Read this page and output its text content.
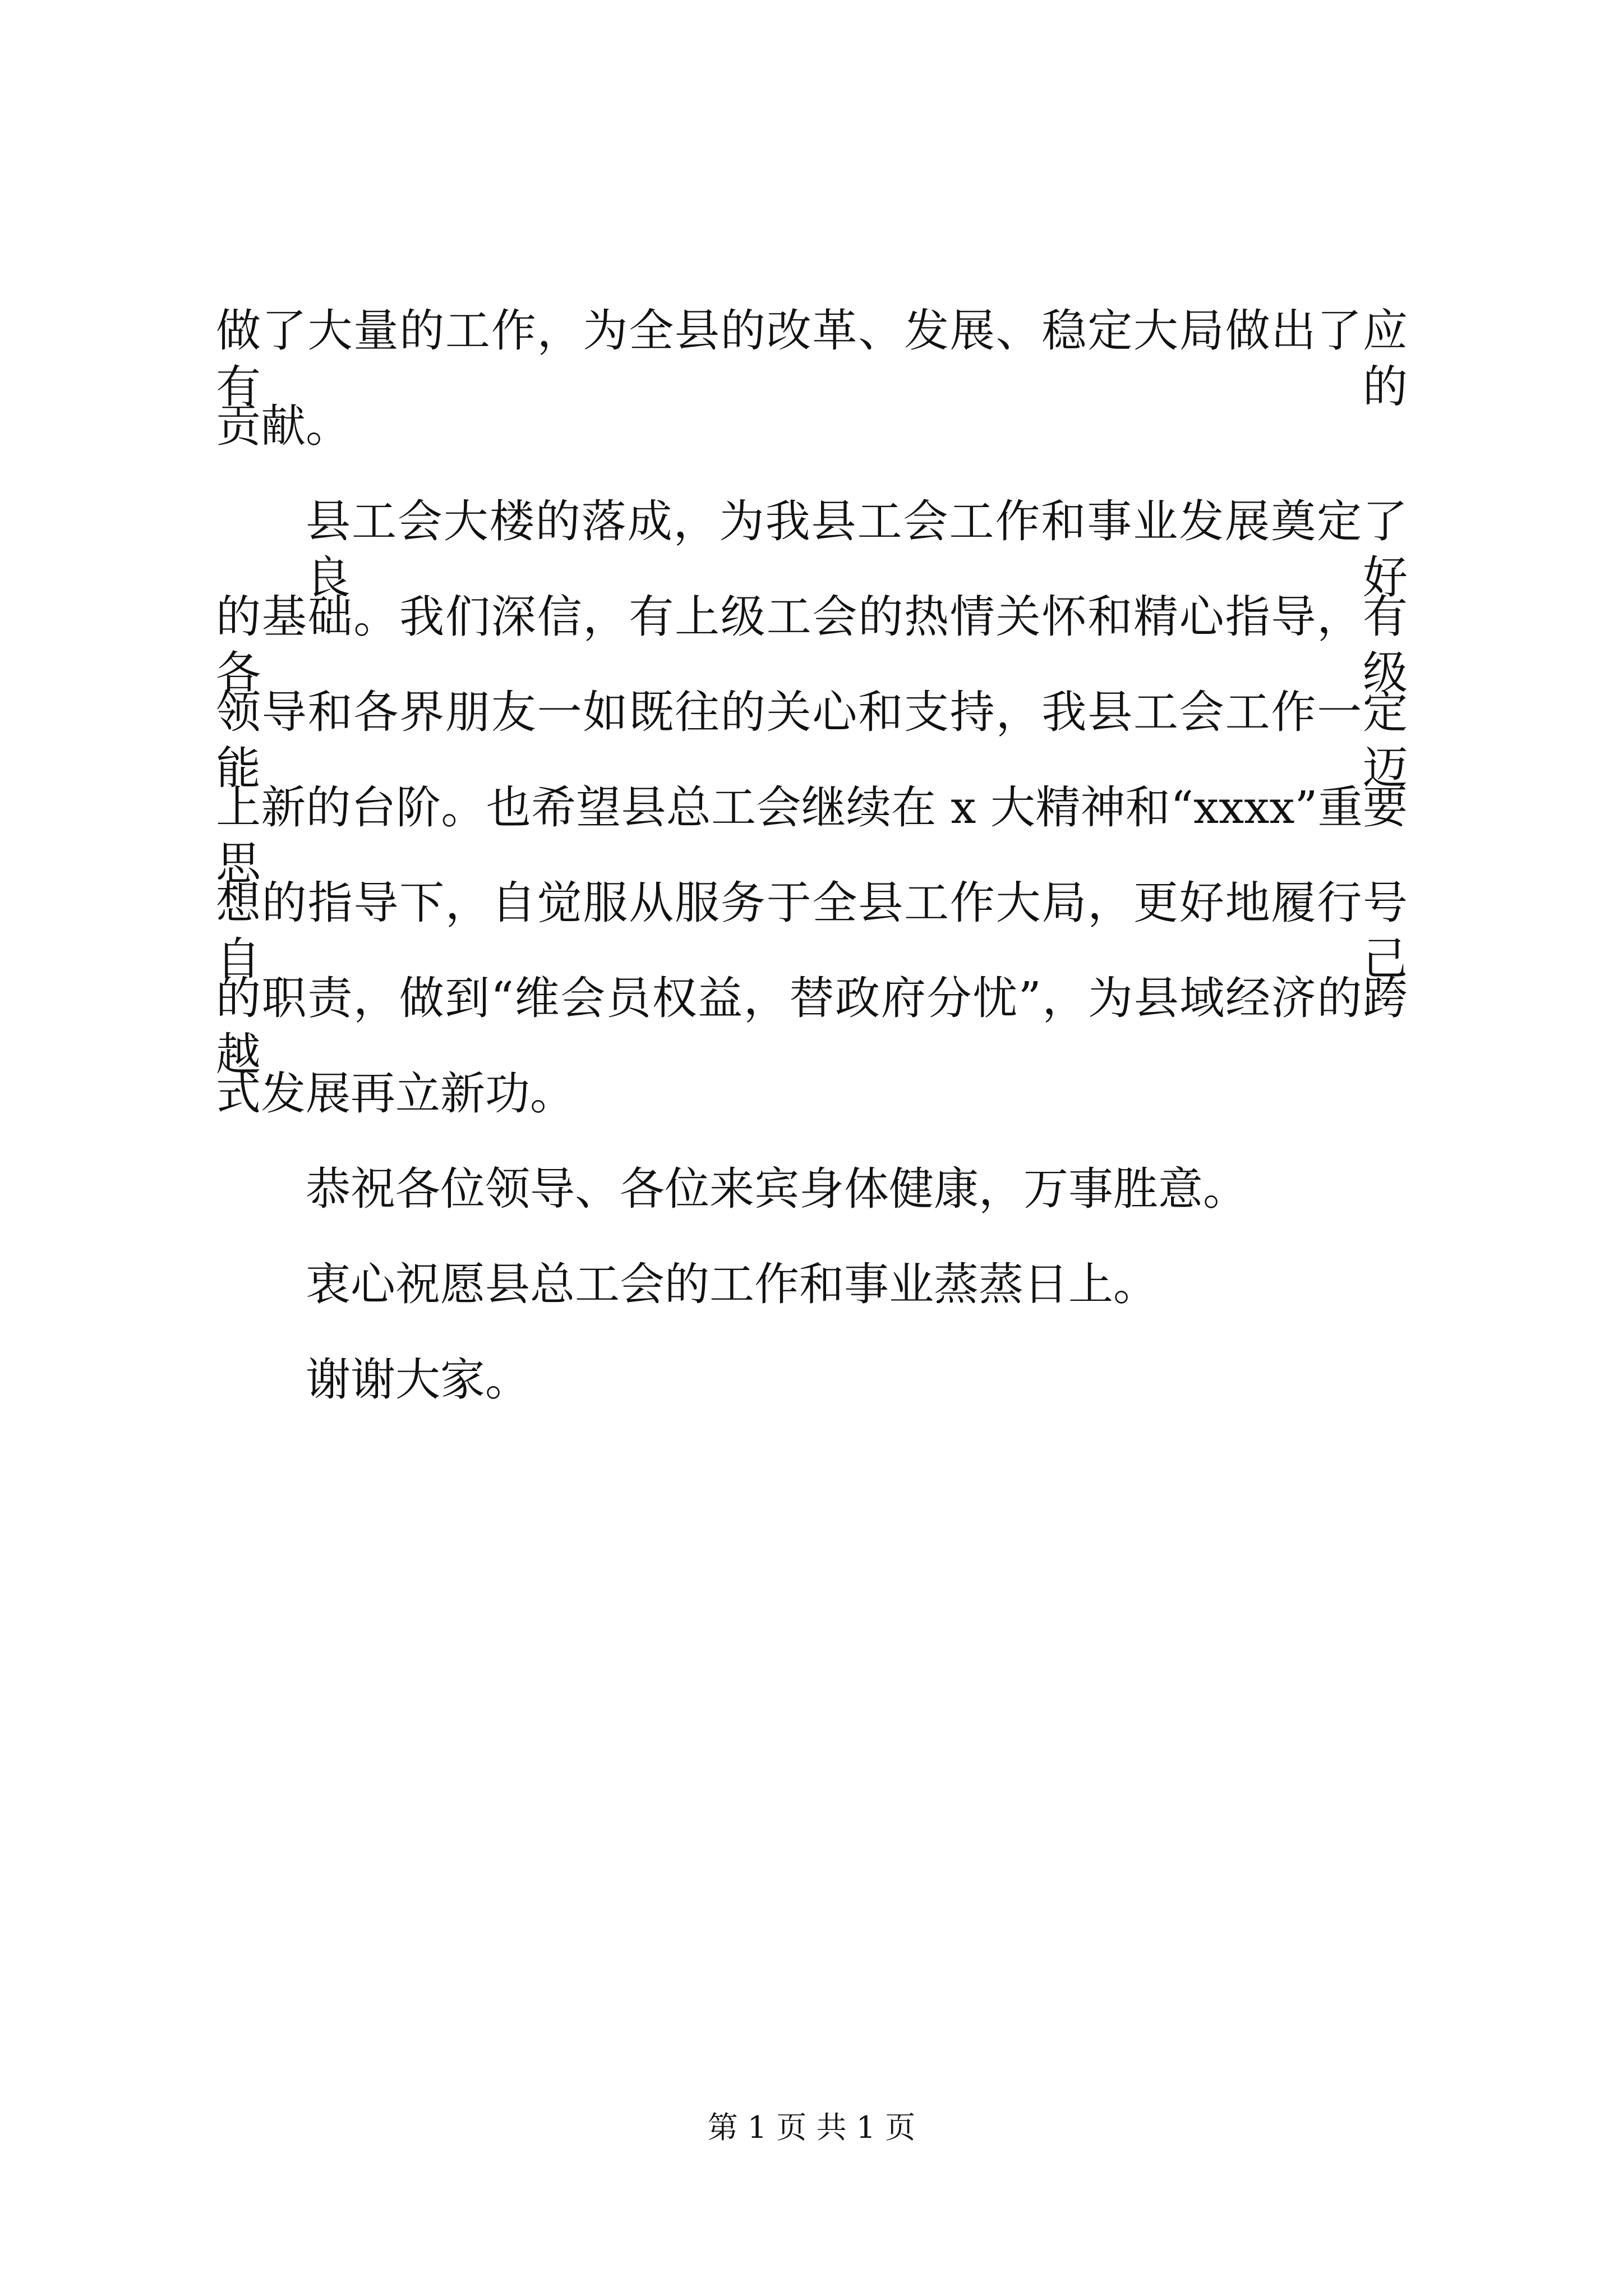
做了大量的工作，为全县的改革、发展、稳定大局做出了应有的
贡献。
县工会大楼的落成，为我县工会工作和事业发展奠定了良好
的基础。我们深信，有上级工会的热情关怀和精心指导，有各级
领导和各界朋友一如既往的关心和支持，我县工会工作一定能迈
上新的台阶。也希望县总工会继续在 x 大精神和“xxxx”重要思
想的指导下，自觉服从服务于全县工作大局，更好地履行号自己
的职责，做到“维会员权益，替政府分忧”，为县域经济的跨越
式发展再立新功。
恭祝各位领导、各位来宾身体健康，万事胜意。
衷心祝愿县总工会的工作和事业蒸蒸日上。
谢谢大家。
第 1 页 共 1 页
